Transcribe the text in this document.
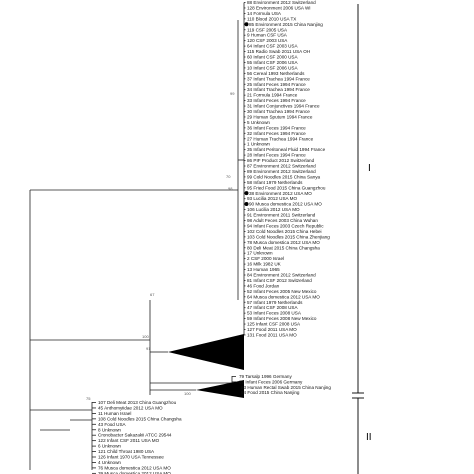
88 Environment 2012 Switzerland
128 Environment 2006 USA WI
14 Formula USA
110 Blood 2010 USA TX
85 Environment 2015 China Nanjing
119 CSF 2005 USA
9 Human CSF USA
120 CSF 2003 USA
64 Infant CSF 2003 USA
115 Radio Swab 2011 USA OH
60 Infant CSF 2000 USA
55 Infant CSF 2006 USA
10 Infant CSF 2006 USA
56 Cereal 1993 Netherlands
37 Infant Trachea 1994 France
25 Infant Feces 1994 France
34 Infant Trachea 1994 France
21 Formula 1994 France
33 Infant Feces 1994 France
31 Infant Conjunctives 1994 France
30 Infant Trachea 1994 France
29 Human Sputum 1994 France
5 Unknown
36 Infant Feces 1994 France
32 Infant Feces 1994 France
27 Human Trachea 1994 France
1 Unknown
35 Infant Peritoneal Fluid 1994 France
28 Infant Feces 1994 France
86 PIF Product 2012 Switzerland
87 Environment 2012 Switzerland
89 Environment 2012 Switzerland
99 Cold Noodles 2015 China Sanya
58 Infant 1979 Netherlands
95 Fried Food 2015 China Guangzhou
38 Environment 2012 USA MO
93 Lucilia 2012 USA MO
90 Musca domestica 2012 USA MO
106 Lucilia 2012 USA MO
91 Environment 2011 Switzerland
98 Adult Feces 2003 China Wuhan
94 Infant Feces 2003 Czech Republic
102 Cold Noodles 2015 China Hebei
103 Cold Noodles 2015 China Zhenjiang
78 Musca domestica 2012 USA MO
80 Deli Meat 2015 China Changsha
17 Unknown
2 CSF 2000 Israel
16 Milk 1982 UK
13 Human 1965
84 Environment 2012 Switzerland
81 Infant CSF 2012 Switzerland
46 Food Jordan
52 Infant Feces 2005 New Mexico
64 Musca domestica 2012 USA MO
57 Infant 1979 Netherlands
47 Infant CSF 2008 USA
53 Infant Feces 2008 USA
59 Infant Feces 2008 New Mexico
125 Infant CSF 2008 USA
127 Food 2011 USA MO
131 Food 2011 USA MO
79 Tarsalp 1996 Germany
82 Infant Feces 2006 Germany
83 Human Rectal Swab 2015 China Nanjing
84 Food 2015 China Nanjing
107 Deli Meat 2013 China Guangzhou
45 Anthomyiidae 2012 USA MO
11 Human Israel
108 Cold Noodles 2015 China Changsha
43 Food USA
8 Unknown
Cronobacter Sakazakii ATCC 29544
122 Infant CSF 2011 USA MO
6 Unknown
121 Child Throat 1980 USA
126 Infant 1970 USA Tennessee
4 Unknown
76 Musca domestica 2012 USA MO
39 Musca domestica 2012 USA MO
99
70
98
67
100
91
100
75
I
II
